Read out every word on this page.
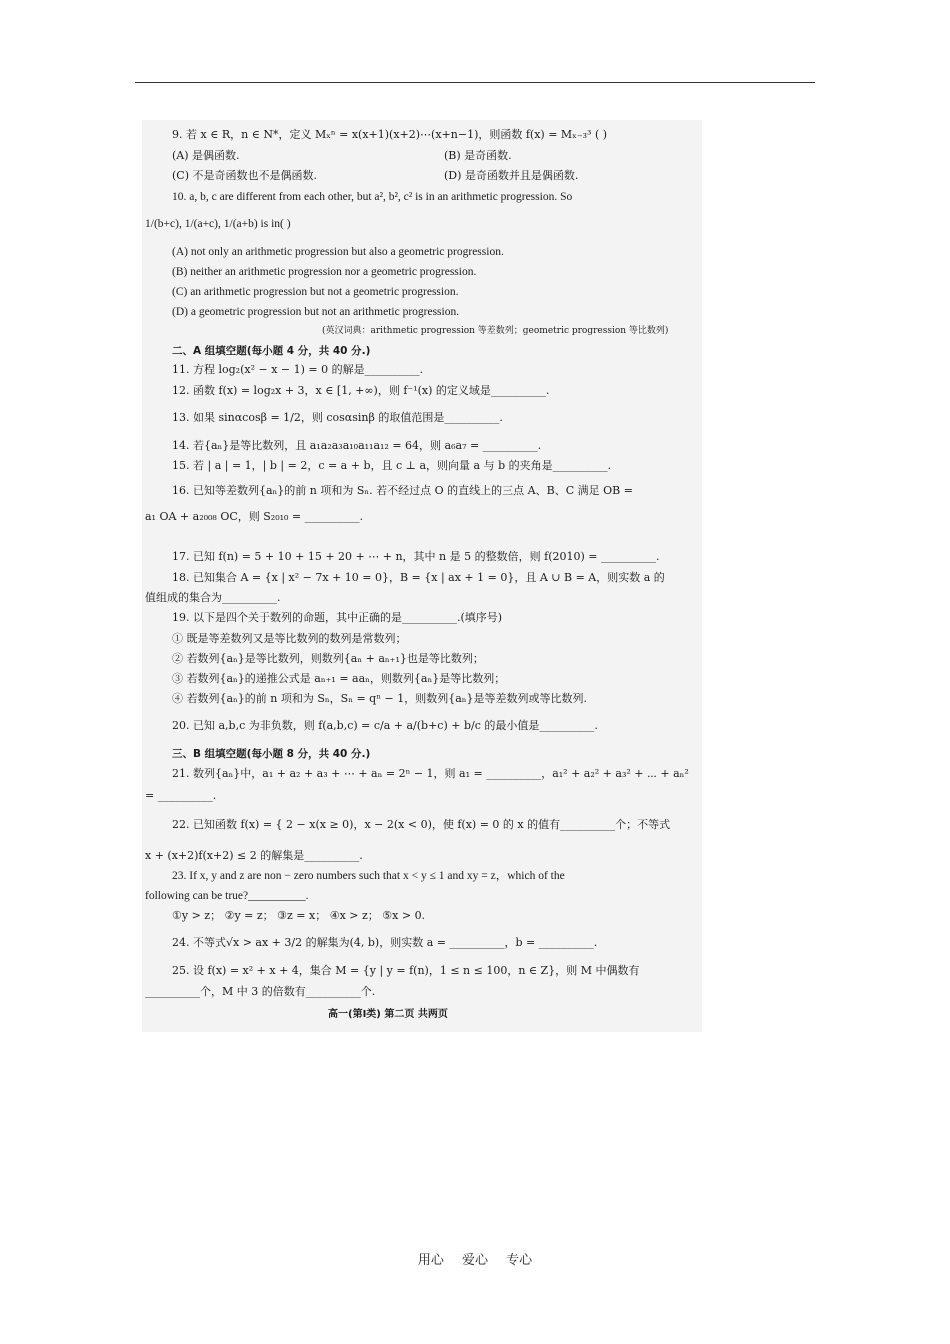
9. 若 x ∈ R，n ∈ N*，定义 Mₓⁿ = x(x+1)(x+2)⋯(x+n−1)，则函数 f(x) = Mₓ₋₃³ ( )
(A) 是偶函数.	(B) 是奇函数.
(C) 不是奇函数也不是偶函数.	(D) 是奇函数并且是偶函数.
10. a, b, c are different from each other, but a², b², c² is in an arithmetic progression. So
1/(b+c), 1/(a+c), 1/(a+b) is in( )
(A) not only an arithmetic progression but also a geometric progression.
(B) neither an arithmetic progression nor a geometric progression.
(C) an arithmetic progression but not a geometric progression.
(D) a geometric progression but not an arithmetic progression.
(英汉词典：arithmetic progression 等差数列；geometric progression 等比数列)
二、A 组填空题(每小题 4 分，共 40 分.)
11. 方程 log₂(x² − x − 1) = 0 的解是__________.
12. 函数 f(x) = log₂x + 3，x ∈ [1, +∞)，则 f⁻¹(x) 的定义域是__________.
13. 如果 sinαcosβ = 1/2，则 cosαsinβ 的取值范围是__________.
14. 若{aₙ}是等比数列，且 a₁a₂a₃a₁₀a₁₁a₁₂ = 64，则 a₆a₇ = __________.
15. 若 | a | = 1，| b | = 2，c = a + b，且 c ⊥ a，则向量 a 与 b 的夹角是__________.
16. 已知等差数列{aₙ}的前 n 项和为 Sₙ. 若不经过点 O 的直线上的三点 A、B、C 满足 OB =
a₁ OA + a₂₀₀₈ OC，则 S₂₀₁₀ = __________.
17. 已知 f(n) = 5 + 10 + 15 + 20 + ⋯ + n，其中 n 是 5 的整数倍，则 f(2010) = __________.
18. 已知集合 A = {x | x² − 7x + 10 = 0}，B = {x | ax + 1 = 0}，且 A ∪ B = A，则实数 a 的
值组成的集合为__________.
19. 以下是四个关于数列的命题，其中正确的是__________.(填序号)
① 既是等差数列又是等比数列的数列是常数列；
② 若数列{aₙ}是等比数列，则数列{aₙ + aₙ₊₁}也是等比数列；
③ 若数列{aₙ}的递推公式是 aₙ₊₁ = aaₙ，则数列{aₙ}是等比数列；
④ 若数列{aₙ}的前 n 项和为 Sₙ，Sₙ = qⁿ − 1，则数列{aₙ}是等差数列或等比数列.
20. 已知 a,b,c 为非负数，则 f(a,b,c) = c/a + a/(b+c) + b/c 的最小值是__________.
三、B 组填空题(每小题 8 分，共 40 分.)
21. 数列{aₙ}中，a₁ + a₂ + a₃ + ⋯ + aₙ = 2ⁿ − 1，则 a₁ = __________，a₁² + a₂² + a₃² + ⋯ + aₙ²
= __________.
22. 已知函数 f(x) = { 2 − x(x ≥ 0)，x − 2(x < 0)，使 f(x) = 0 的 x 的值有__________个；不等式
x + (x+2)f(x+2) ≤ 2 的解集是__________.
23. If x, y and z are non − zero numbers such that x < y ≤ 1 and xy = z，which of the
following can be true?__________.
①y > z； ②y = z； ③z = x； ④x > z； ⑤x > 0.
24. 不等式√x > ax + 3/2 的解集为(4, b)，则实数 a = __________，b = __________.
25. 设 f(x) = x² + x + 4，集合 M = {y | y = f(n)，1 ≤ n ≤ 100，n ∈ Z}，则 M 中偶数有
__________个，M 中 3 的倍数有__________个.
高一(第Ⅰ类) 第二页 共两页
用心 爱心 专心
